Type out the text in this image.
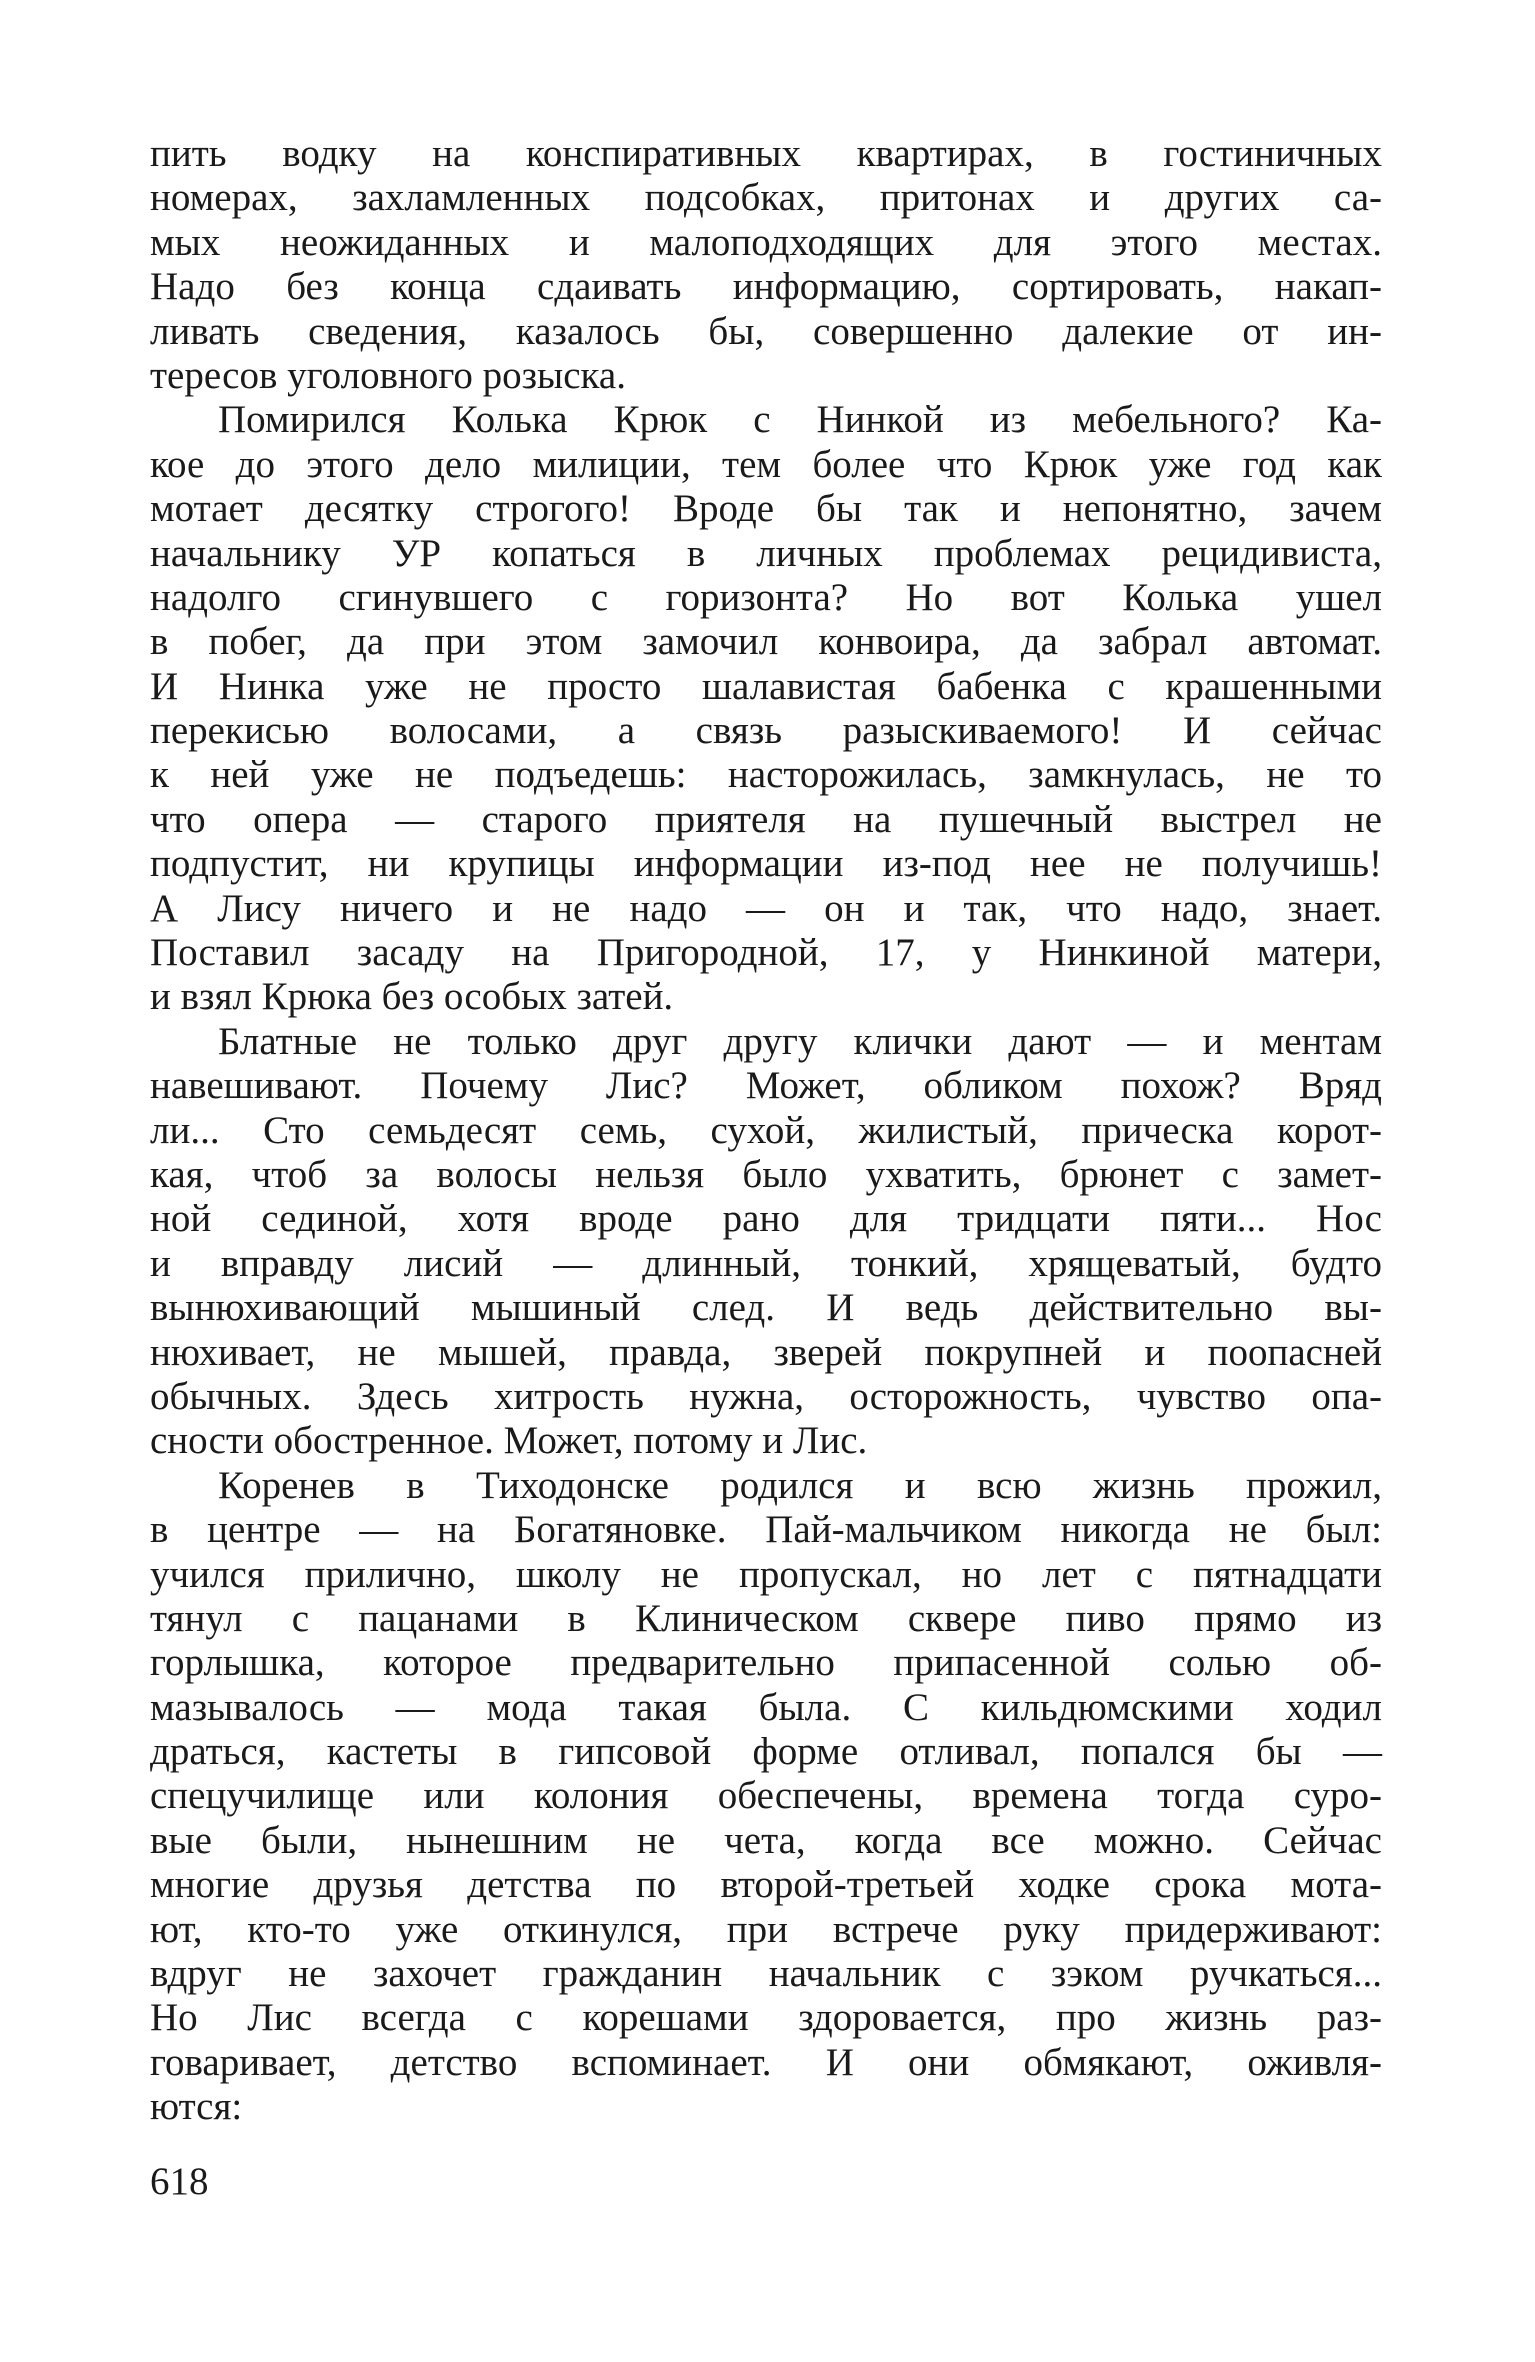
пить водку на конспиративных квартирах, в гостиничных
номерах, захламленных подсобках, притонах и других са-
мых неожиданных и малоподходящих для этого местах.
Надо без конца сдаивать информацию, сортировать, накап-
ливать сведения, казалось бы, совершенно далекие от ин-
тересов уголовного розыска.
Помирился Колька Крюк с Нинкой из мебельного? Ка-
кое до этого дело милиции, тем более что Крюк уже год как
мотает десятку строгого! Вроде бы так и непонятно, зачем
начальнику УР копаться в личных проблемах рецидивиста,
надолго сгинувшего с горизонта? Но вот Колька ушел
в побег, да при этом замочил конвоира, да забрал автомат.
И Нинка уже не просто шалавистая бабенка с крашенными
перекисью волосами, а связь разыскиваемого! И сейчас
к ней уже не подъедешь: насторожилась, замкнулась, не то
что опера — старого приятеля на пушечный выстрел не
подпустит, ни крупицы информации из-под нее не получишь!
А Лису ничего и не надо — он и так, что надо, знает.
Поставил засаду на Пригородной, 17, у Нинкиной матери,
и взял Крюка без особых затей.
Блатные не только друг другу клички дают — и ментам
навешивают. Почему Лис? Может, обликом похож? Вряд
ли... Сто семьдесят семь, сухой, жилистый, прическа корот-
кая, чтоб за волосы нельзя было ухватить, брюнет с замет-
ной сединой, хотя вроде рано для тридцати пяти... Нос
и вправду лисий — длинный, тонкий, хрящеватый, будто
вынюхивающий мышиный след. И ведь действительно вы-
нюхивает, не мышей, правда, зверей покрупней и поопасней
обычных. Здесь хитрость нужна, осторожность, чувство опа-
сности обостренное. Может, потому и Лис.
Коренев в Тиходонске родился и всю жизнь прожил,
в центре — на Богатяновке. Пай-мальчиком никогда не был:
учился прилично, школу не пропускал, но лет с пятнадцати
тянул с пацанами в Клиническом сквере пиво прямо из
горлышка, которое предварительно припасенной солью об-
мазывалось — мода такая была. С кильдюмскими ходил
драться, кастеты в гипсовой форме отливал, попался бы —
спецучилище или колония обеспечены, времена тогда суро-
вые были, нынешним не чета, когда все можно. Сейчас
многие друзья детства по второй-третьей ходке срока мота-
ют, кто-то уже откинулся, при встрече руку придерживают:
вдруг не захочет гражданин начальник с зэком ручкаться...
Но Лис всегда с корешами здоровается, про жизнь раз-
говаривает, детство вспоминает. И они обмякают, оживля-
ются:
618
